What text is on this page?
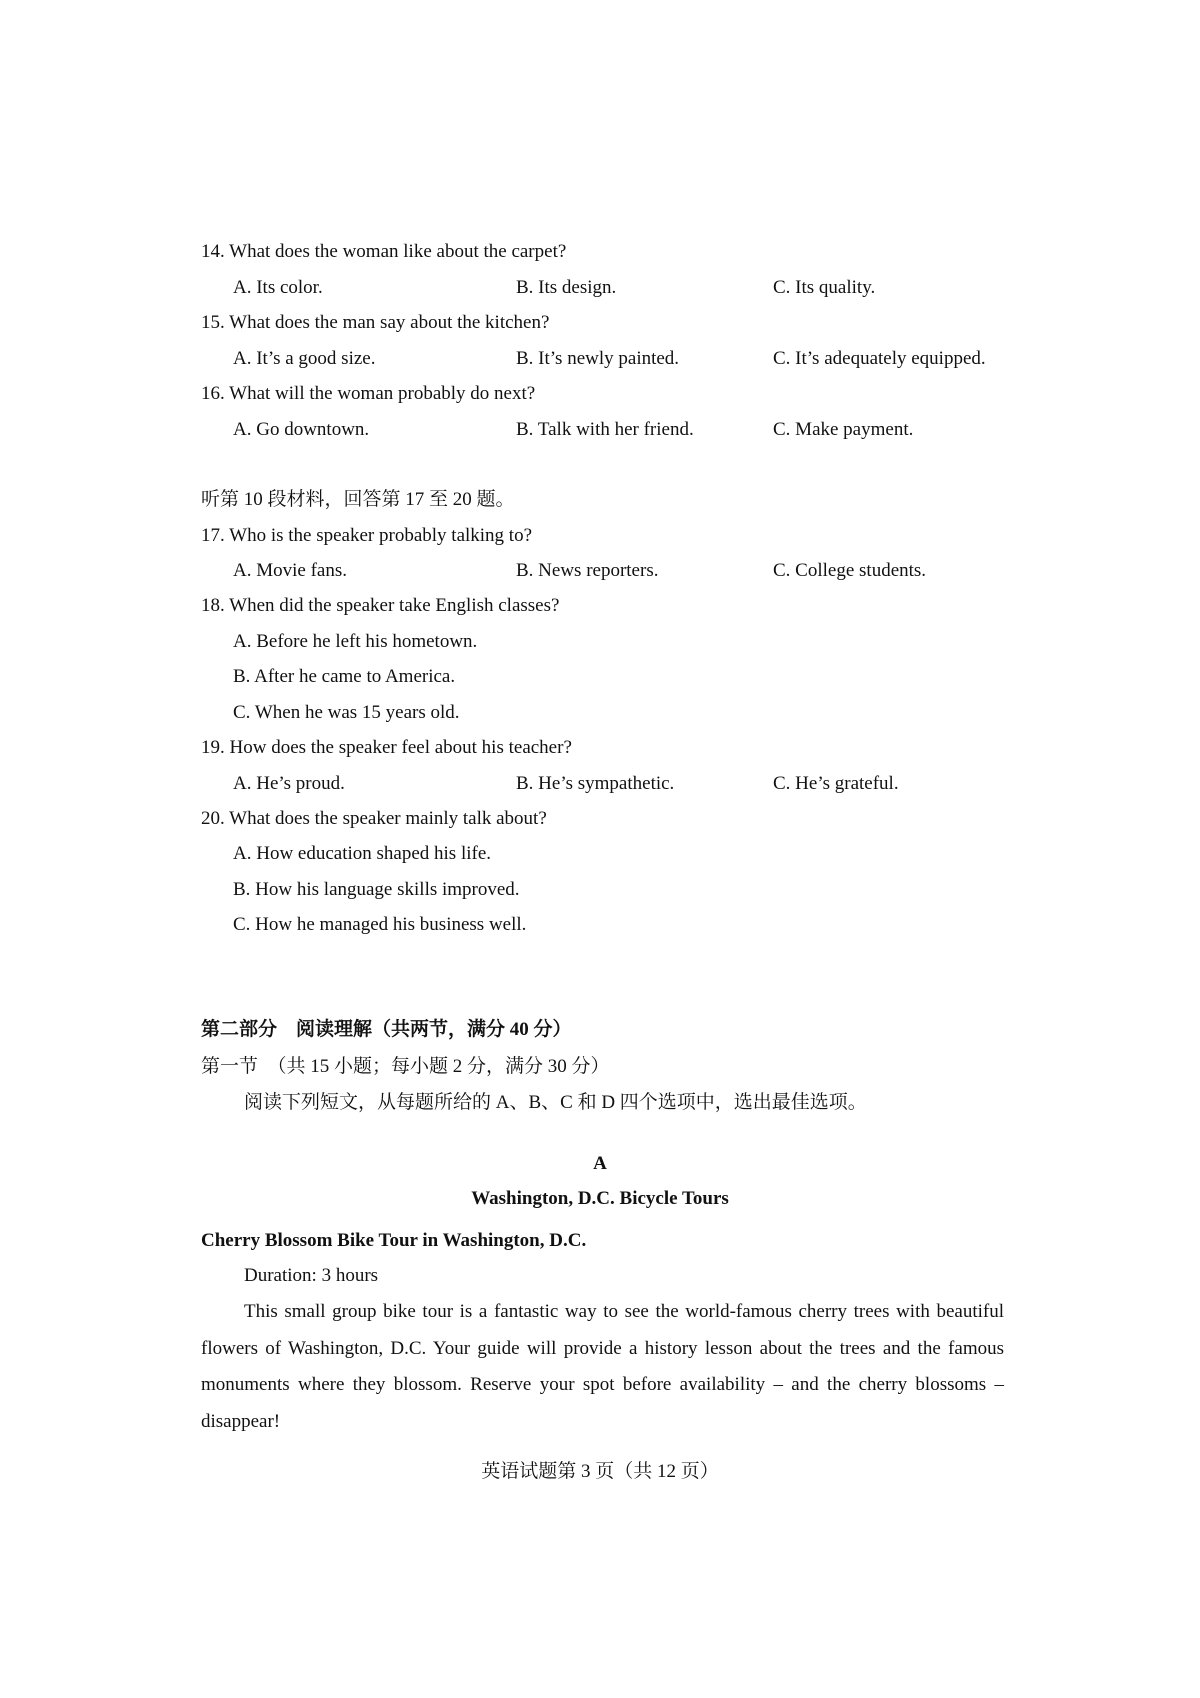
14. What does the woman like about the carpet?
A. Its color.	B. Its design.	C. Its quality.
15. What does the man say about the kitchen?
A. It’s a good size.	B. It’s newly painted.	C. It’s adequately equipped.
16. What will the woman probably do next?
A. Go downtown.	B. Talk with her friend.	C. Make payment.
听第 10 段材料，回答第 17 至 20 题。
17. Who is the speaker probably talking to?
A. Movie fans.	B. News reporters.	C. College students.
18. When did the speaker take English classes?
A. Before he left his hometown.
B. After he came to America.
C. When he was 15 years old.
19. How does the speaker feel about his teacher?
A. He’s proud.	B. He’s sympathetic.	C. He’s grateful.
20. What does the speaker mainly talk about?
A. How education shaped his life.
B. How his language skills improved.
C. How he managed his business well.
第二部分　阅读理解（共两节，满分 40 分）
第一节　（共 15 小题；每小题 2 分，满分 30 分）
阅读下列短文，从每题所给的 A、B、C 和 D 四个选项中，选出最佳选项。
A
Washington, D.C. Bicycle Tours
Cherry Blossom Bike Tour in Washington, D.C.
Duration: 3 hours
This small group bike tour is a fantastic way to see the world-famous cherry trees with beautiful flowers of Washington, D.C. Your guide will provide a history lesson about the trees and the famous monuments where they blossom. Reserve your spot before availability – and the cherry blossoms – disappear!
英语试题第 3 页（共 12 页）
